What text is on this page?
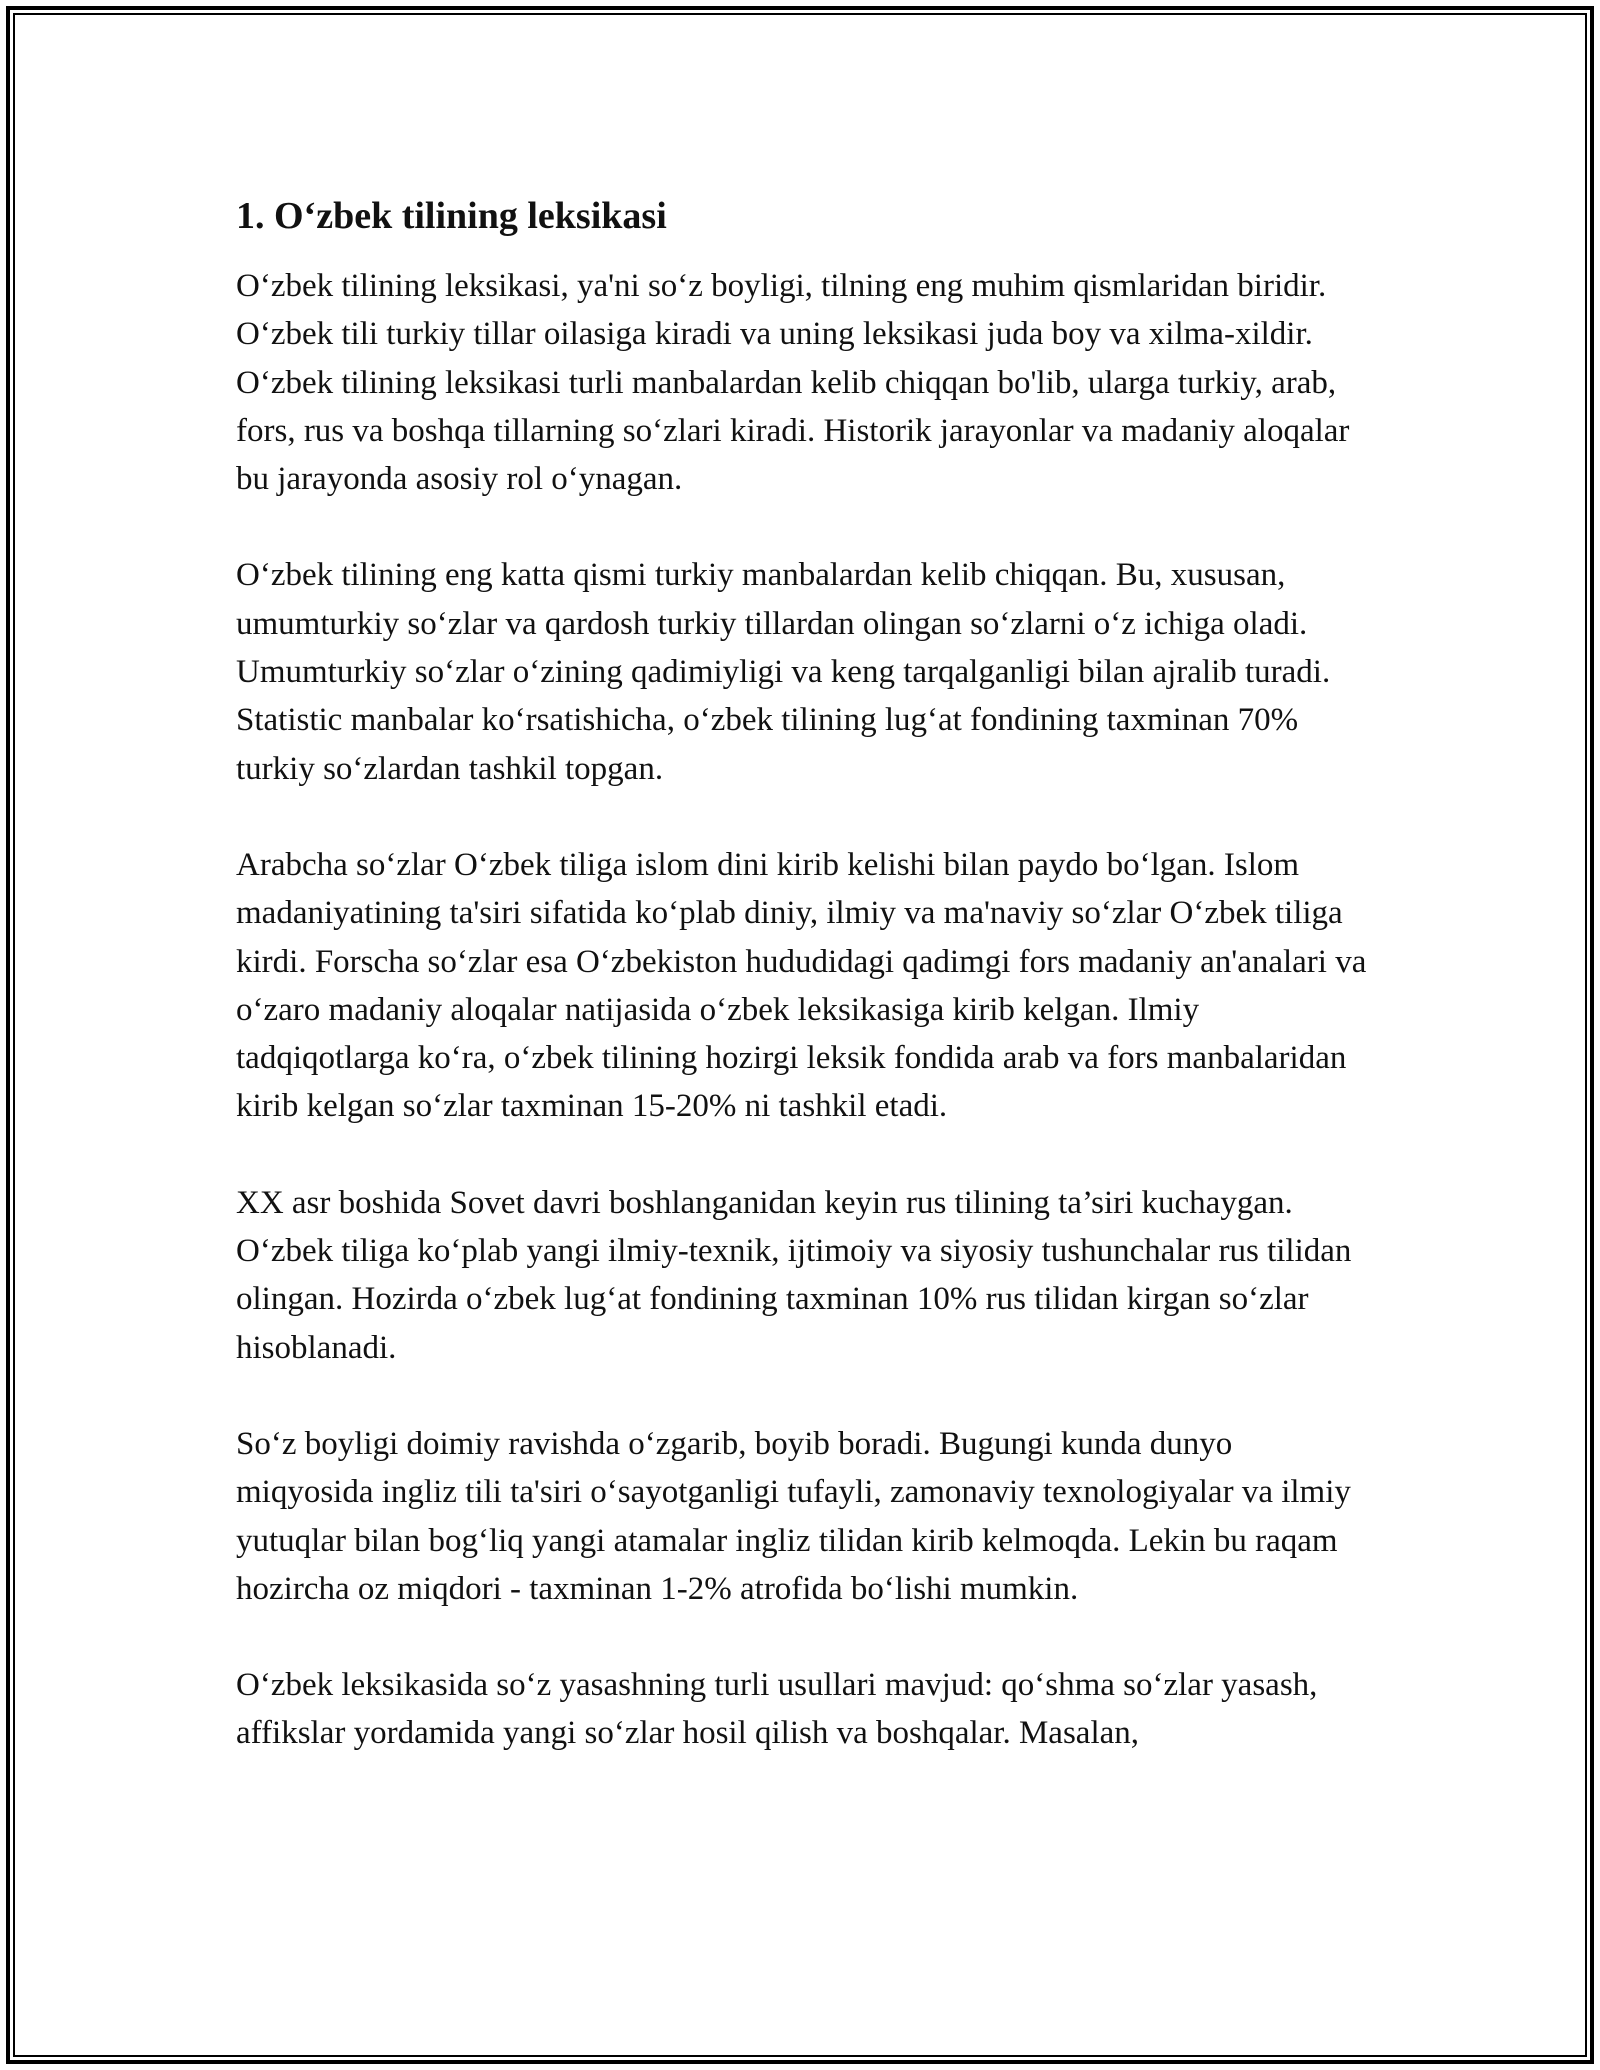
1. O‘zbek tilining leksikasi

O‘zbek tilining leksikasi, ya'ni so‘z boyligi, tilning eng muhim qismlaridan biridir. O‘zbek tili turkiy tillar oilasiga kiradi va uning leksikasi juda boy va xilma-xildir. O‘zbek tilining leksikasi turli manbalardan kelib chiqqan bo'lib, ularga turkiy, arab, fors, rus va boshqa tillarning so‘zlari kiradi. Historik jarayonlar va madaniy aloqalar bu jarayonda asosiy rol o‘ynagan.

O‘zbek tilining eng katta qismi turkiy manbalardan kelib chiqqan. Bu, xususan, umumturkiy so‘zlar va qardosh turkiy tillardan olingan so‘zlarni o‘z ichiga oladi. Umumturkiy so‘zlar o‘zining qadimiyligi va keng tarqalganligi bilan ajralib turadi. Statistic manbalar ko‘rsatishicha, o‘zbek tilining lug‘at fondining taxminan 70% turkiy so‘zlardan tashkil topgan.

Arabcha so‘zlar O‘zbek tiliga islom dini kirib kelishi bilan paydo bo‘lgan. Islom madaniyatining ta'siri sifatida ko‘plab diniy, ilmiy va ma'naviy so‘zlar O‘zbek tiliga kirdi. Forscha so‘zlar esa O‘zbekiston hududidagi qadimgi fors madaniy an'analari va o‘zaro madaniy aloqalar natijasida o‘zbek leksikasiga kirib kelgan. Ilmiy tadqiqotlarga ko‘ra, o‘zbek tilining hozirgi leksik fondida arab va fors manbalaridan kirib kelgan so‘zlar taxminan 15-20% ni tashkil etadi.

XX asr boshida Sovet davri boshlanganidan keyin rus tilining ta’siri kuchaygan. O‘zbek tiliga ko‘plab yangi ilmiy-texnik, ijtimoiy va siyosiy tushunchalar rus tilidan olingan. Hozirda o‘zbek lug‘at fondining taxminan 10% rus tilidan kirgan so‘zlar hisoblanadi.

So‘z boyligi doimiy ravishda o‘zgarib, boyib boradi. Bugungi kunda dunyo miqyosida ingliz tili ta'siri o‘sayotganligi tufayli, zamonaviy texnologiyalar va ilmiy yutuqlar bilan bog‘liq yangi atamalar ingliz tilidan kirib kelmoqda. Lekin bu raqam hozircha oz miqdori - taxminan 1-2% atrofida bo‘lishi mumkin.

O‘zbek leksikasida so‘z yasashning turli usullari mavjud: qo‘shma so‘zlar yasash, affikslar yordamida yangi so‘zlar hosil qilish va boshqalar. Masalan,
